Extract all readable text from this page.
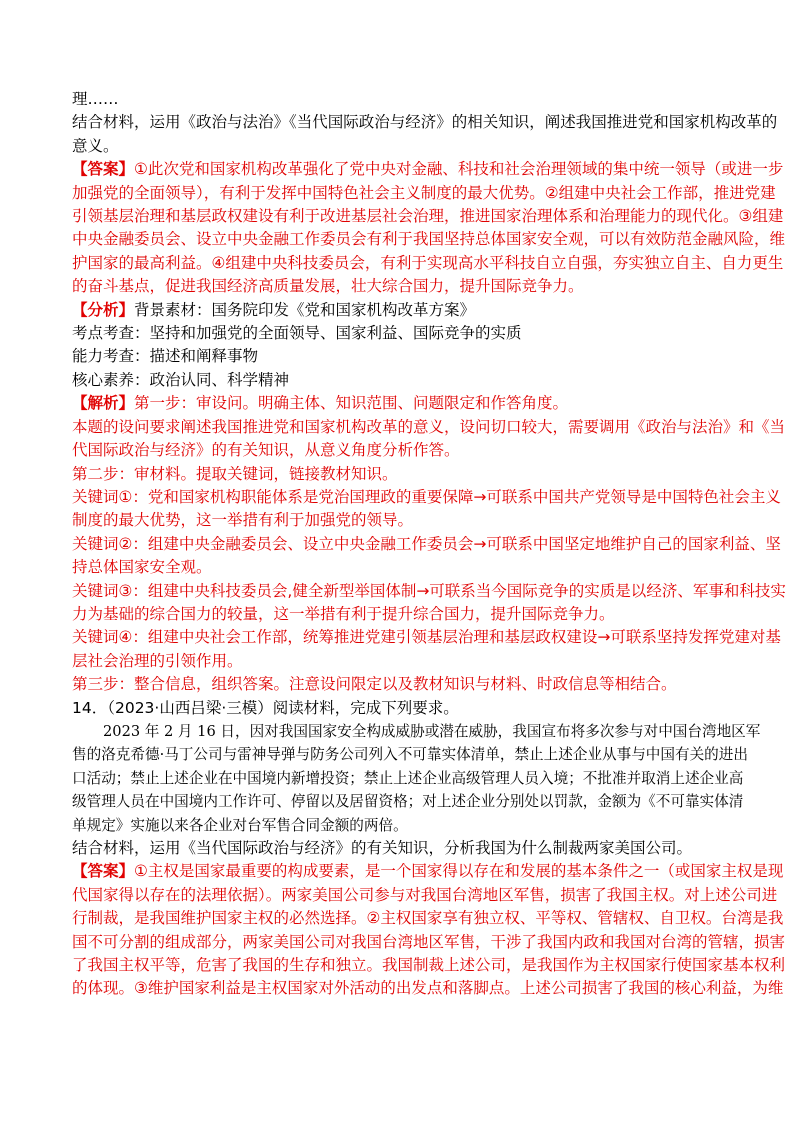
理……

结合材料，运用《政治与法治》《当代国际政治与经济》的相关知识，阐述我国推进党和国家机构改革的

意义。

【答案】①此次党和国家机构改革强化了党中央对金融、科技和社会治理领域的集中统一领导（或进一步

加强党的全面领导），有利于发挥中国特色社会主义制度的最大优势。②组建中央社会工作部，推进党建

引领基层治理和基层政权建设有利于改进基层社会治理，推进国家治理体系和治理能力的现代化。③组建

中央金融委员会、设立中央金融工作委员会有利于我国坚持总体国家安全观，可以有效防范金融风险，维

护国家的最高利益。④组建中央科技委员会，有利于实现高水平科技自立自强，夯实独立自主、自力更生

的奋斗基点，促进我国经济高质量发展，壮大综合国力，提升国际竞争力。

【分析】背景素材：国务院印发《党和国家机构改革方案》

考点考查：坚持和加强党的全面领导、国家利益、国际竞争的实质

能力考查：描述和阐释事物

核心素养：政治认同、科学精神

【解析】第一步：审设问。明确主体、知识范围、问题限定和作答角度。

本题的设问要求阐述我国推进党和国家机构改革的意义，设问切口较大，需要调用《政治与法治》和《当

代国际政治与经济》的有关知识，从意义角度分析作答。

第二步：审材料。提取关键词，链接教材知识。

关键词①：党和国家机构职能体系是党治国理政的重要保障→可联系中国共产党领导是中国特色社会主义

制度的最大优势，这一举措有利于加强党的领导。

关键词②：组建中央金融委员会、设立中央金融工作委员会→可联系中国坚定地维护自己的国家利益、坚

持总体国家安全观。

关键词③：组建中央科技委员会,健全新型举国体制→可联系当今国际竞争的实质是以经济、军事和科技实

力为基础的综合国力的较量，这一举措有利于提升综合国力，提升国际竞争力。

关键词④：组建中央社会工作部，统筹推进党建引领基层治理和基层政权建设→可联系坚持发挥党建对基

层社会治理的引领作用。

第三步：整合信息，组织答案。注意设问限定以及教材知识与材料、时政信息等相结合。

14．（2023·山西吕梁·三模）阅读材料，完成下列要求。

2023 年 2 月 16 日，因对我国国家安全构成威胁或潜在威胁，我国宣布将多次参与对中国台湾地区军

售的洛克希德·马丁公司与雷神导弹与防务公司列入不可靠实体清单，禁止上述企业从事与中国有关的进出

口活动；禁止上述企业在中国境内新增投资；禁止上述企业高级管理人员入境；不批准并取消上述企业高

级管理人员在中国境内工作许可、停留以及居留资格；对上述企业分别处以罚款，金额为《不可靠实体清

单规定》实施以来各企业对台军售合同金额的两倍。

结合材料，运用《当代国际政治与经济》的有关知识，分析我国为什么制裁两家美国公司。

【答案】①主权是国家最重要的构成要素，是一个国家得以存在和发展的基本条件之一（或国家主权是现

代国家得以存在的法理依据）。两家美国公司参与对我国台湾地区军售，损害了我国主权。对上述公司进

行制裁，是我国维护国家主权的必然选择。②主权国家享有独立权、平等权、管辖权、自卫权。台湾是我

国不可分割的组成部分，两家美国公司对我国台湾地区军售，干涉了我国内政和我国对台湾的管辖，损害

了我国主权平等，危害了我国的生存和独立。我国制裁上述公司，是我国作为主权国家行使国家基本权利

的体现。③维护国家利益是主权国家对外活动的出发点和落脚点。上述公司损害了我国的核心利益，为维
